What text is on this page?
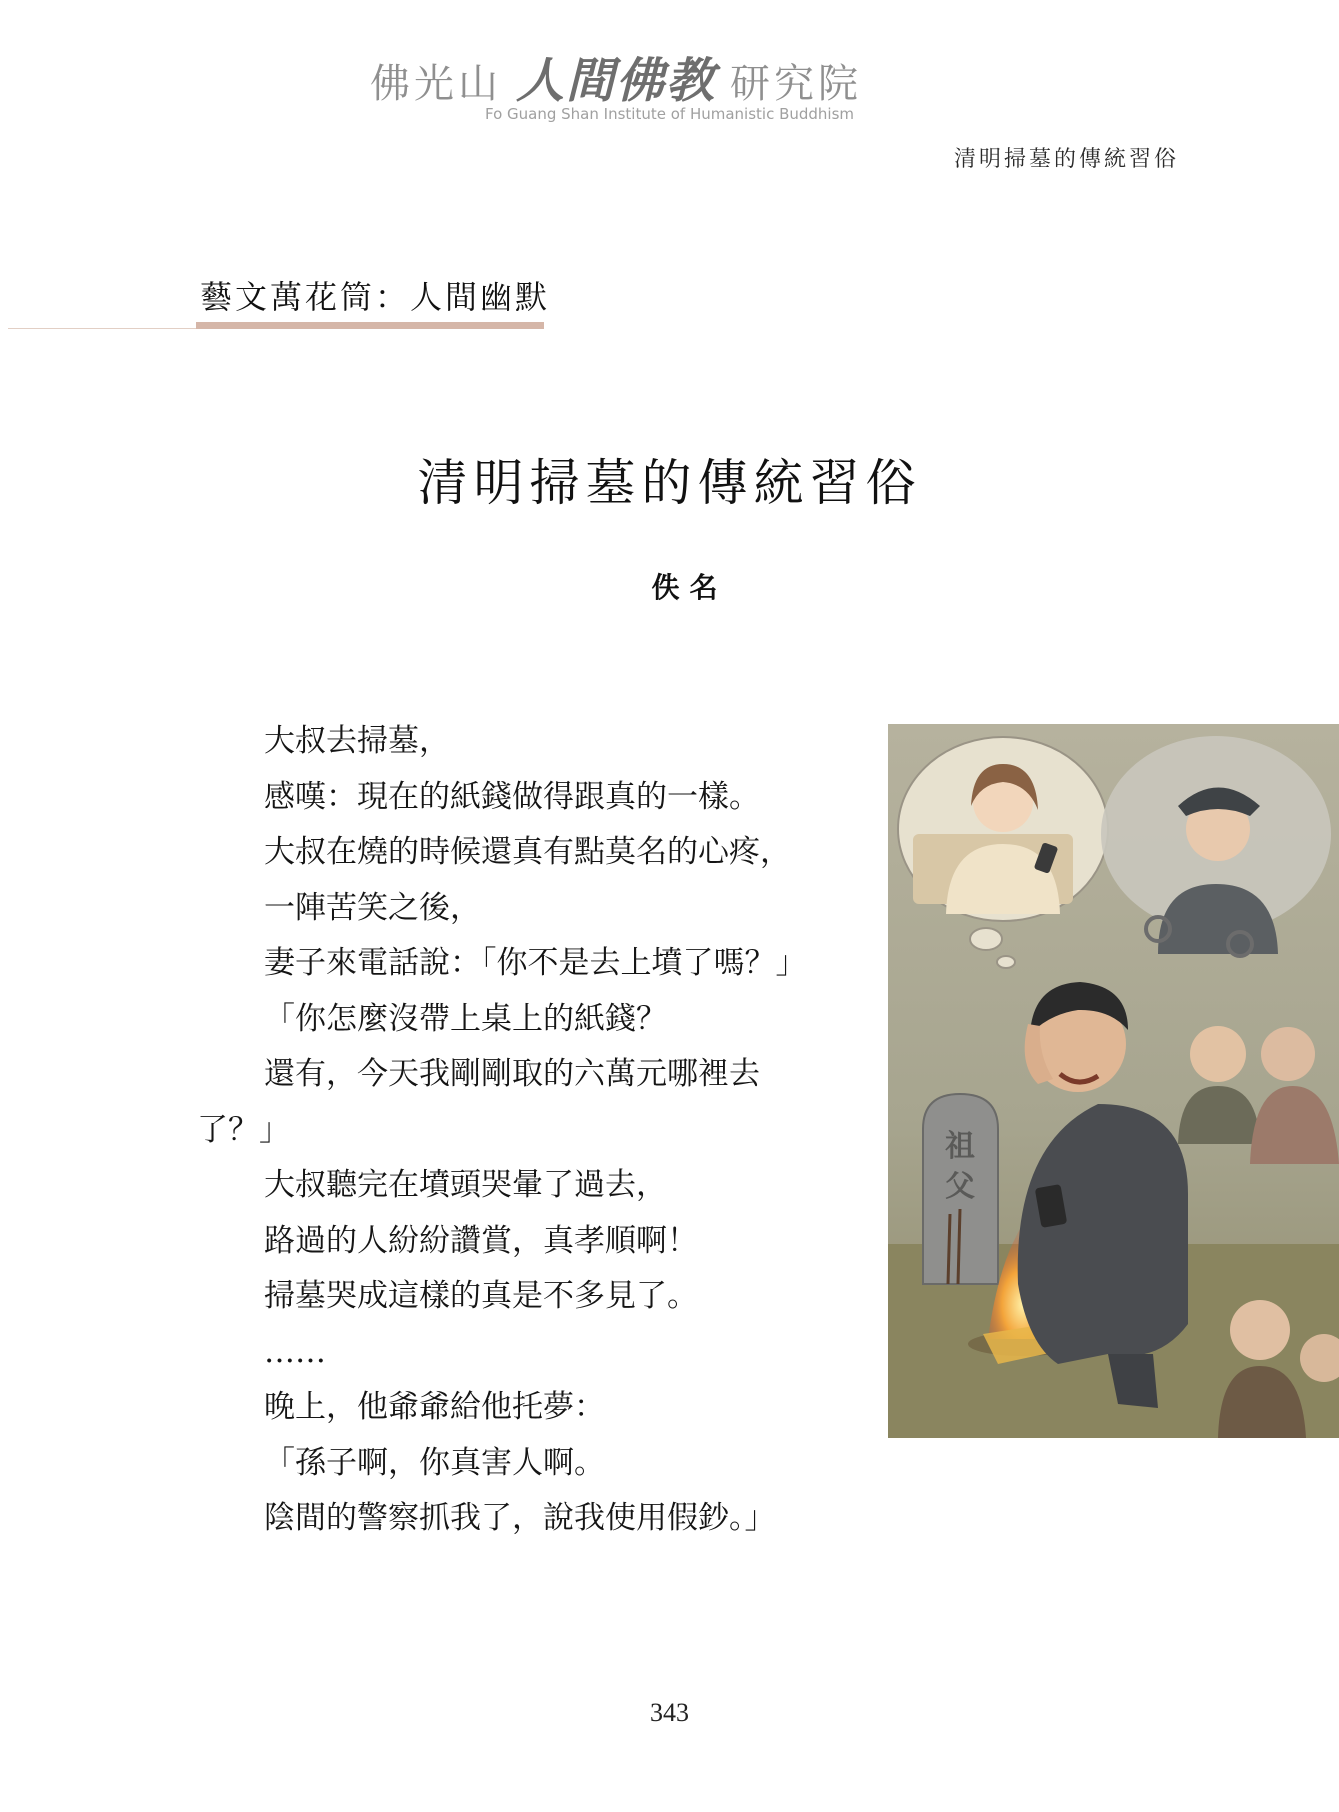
佛光山 人間佛教 研究院
Fo Guang Shan Institute of Humanistic Buddhism
清明掃墓的傳統習俗
藝文萬花筒：人間幽默
清明掃墓的傳統習俗
佚名
大叔去掃墓，
感嘆：現在的紙錢做得跟真的一樣。
大叔在燒的時候還真有點莫名的心疼，
一陣苦笑之後，
妻子來電話說：「你不是去上墳了嗎？」
「你怎麼沒帶上桌上的紙錢？
還有，今天我剛剛取的六萬元哪裡去
了？」
大叔聽完在墳頭哭暈了過去，
路過的人紛紛讚賞，真孝順啊！
掃墓哭成這樣的真是不多見了。
……
晚上，他爺爺給他托夢：
「孫子啊，你真害人啊。
陰間的警察抓我了，說我使用假鈔。」
祖
父
343
